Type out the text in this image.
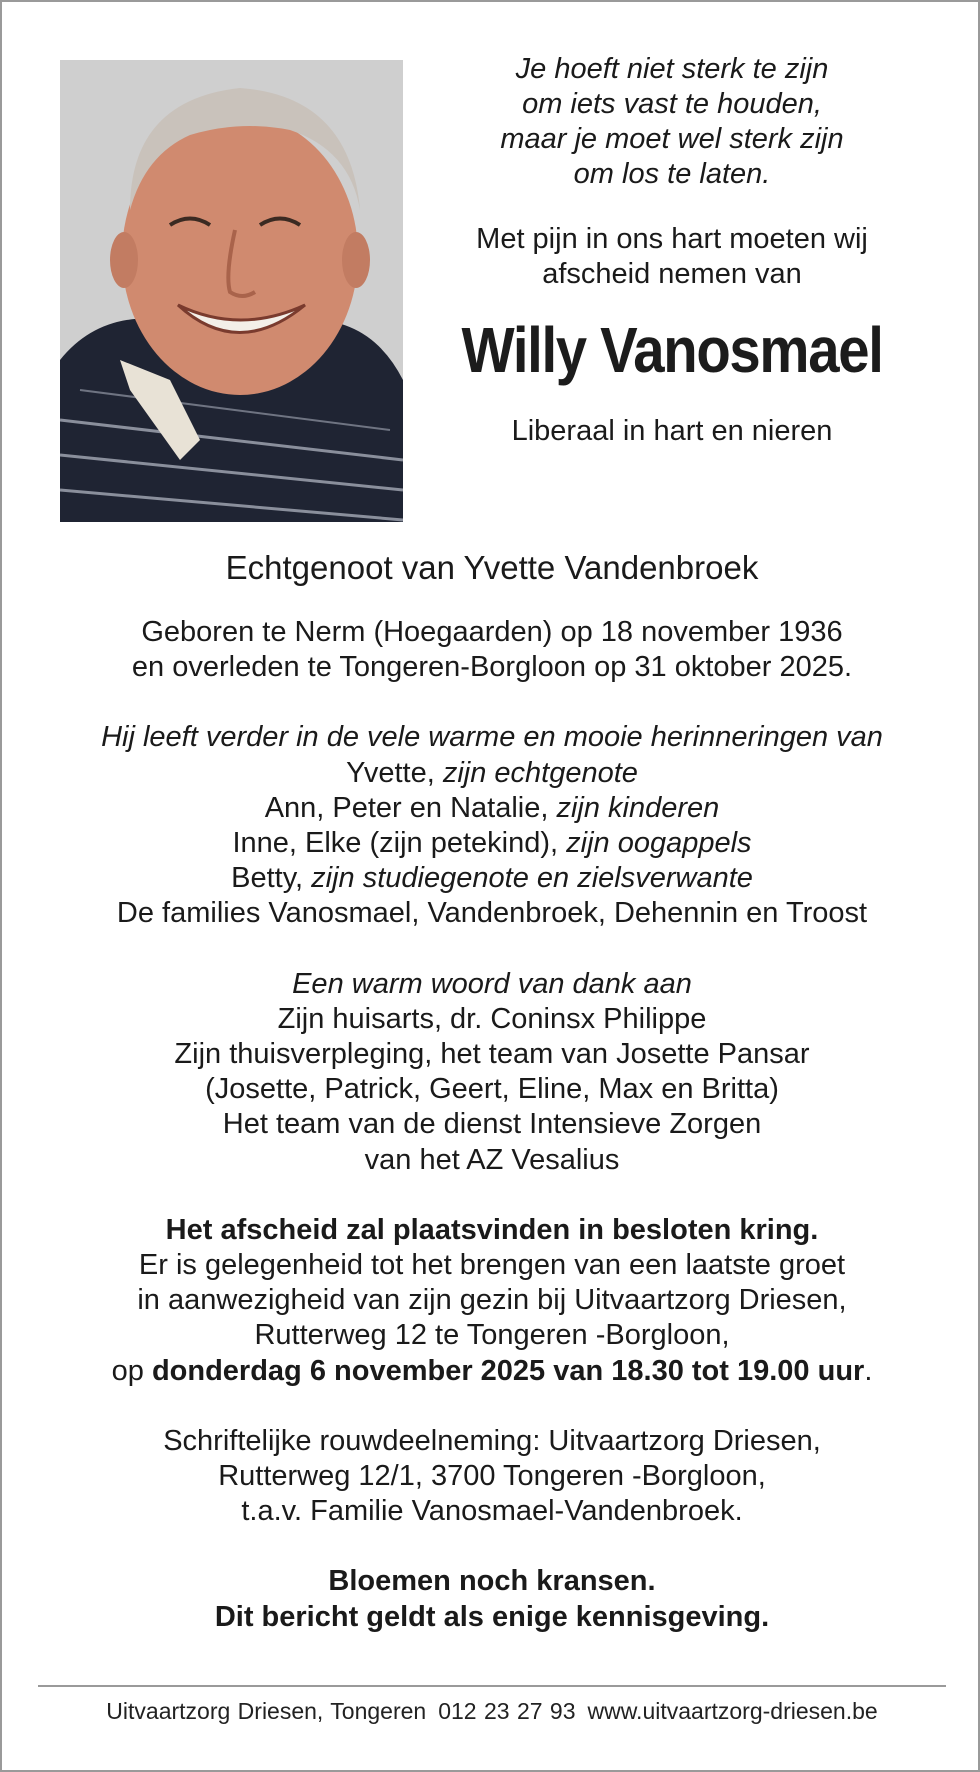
Je hoeft niet sterk te zijn
om iets vast te houden,
maar je moet wel sterk zijn
om los te laten.
Met pijn in ons hart moeten wij
afscheid nemen van
Willy Vanosmael
Liberaal in hart en nieren
Echtgenoot van Yvette Vandenbroek
Geboren te Nerm (Hoegaarden) op 18 november 1936
en overleden te Tongeren-Borgloon op 31 oktober 2025.
Hij leeft verder in de vele warme en mooie herinneringen van
Yvette, zijn echtgenote
Ann, Peter en Natalie, zijn kinderen
Inne, Elke (zijn petekind), zijn oogappels
Betty, zijn studiegenote en zielsverwante
De families Vanosmael, Vandenbroek, Dehennin en Troost
Een warm woord van dank aan
Zijn huisarts, dr. Coninsx Philippe
Zijn thuisverpleging, het team van Josette Pansar
(Josette, Patrick, Geert, Eline, Max en Britta)
Het team van de dienst Intensieve Zorgen
van het AZ Vesalius
Het afscheid zal plaatsvinden in besloten kring.
Er is gelegenheid tot het brengen van een laatste groet
in aanwezigheid van zijn gezin bij Uitvaartzorg Driesen,
Rutterweg 12 te Tongeren -Borgloon,
op donderdag 6 november 2025 van 18.30 tot 19.00 uur.
Schriftelijke rouwdeelneming: Uitvaartzorg Driesen,
Rutterweg 12/1, 3700 Tongeren -Borgloon,
t.a.v. Familie Vanosmael-Vandenbroek.
Bloemen noch kransen.
Dit bericht geldt als enige kennisgeving.
Uitvaartzorg Driesen, Tongeren 012 23 27 93 www.uitvaartzorg-driesen.be
